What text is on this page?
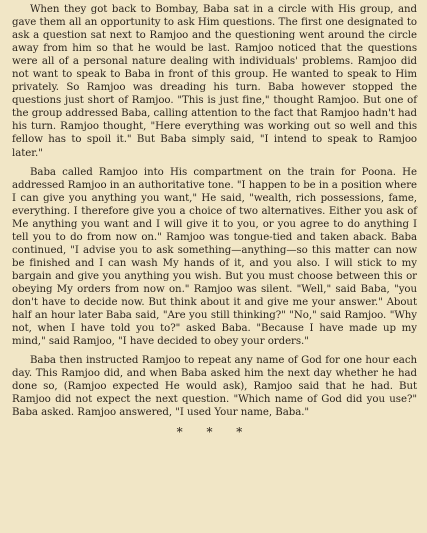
When they got back to Bombay, Baba sat in a circle with His group, and gave them all an opportunity to ask Him questions. The first one designated to ask a question sat next to Ramjoo and the questioning went around the circle away from him so that he would be last. Ramjoo noticed that the questions were all of a personal nature dealing with individuals' problems. Ramjoo did not want to speak to Baba in front of this group. He wanted to speak to Him privately. So Ramjoo was dreading his turn. Baba however stopped the questions just short of Ramjoo. "This is just fine," thought Ramjoo. But one of the group addressed Baba, calling attention to the fact that Ramjoo hadn't had his turn. Ramjoo thought, "Here everything was working out so well and this fellow has to spoil it." But Baba simply said, "I intend to speak to Ramjoo later."

Baba called Ramjoo into His compartment on the train for Poona. He addressed Ramjoo in an authoritative tone. "I happen to be in a position where I can give you anything you want," He said, "wealth, rich possessions, fame, everything. I therefore give you a choice of two alternatives. Either you ask of Me anything you want and I will give it to you, or you agree to do anything I tell you to do from now on." Ramjoo was tongue-tied and taken aback. Baba continued, "I advise you to ask something—anything—so this matter can now be finished and I can wash My hands of it, and you also. I will stick to my bargain and give you anything you wish. But you must choose between this or obeying My orders from now on." Ramjoo was silent. "Well," said Baba, "you don't have to decide now. But think about it and give me your answer." About half an hour later Baba said, "Are you still thinking?" "No," said Ramjoo. "Why not, when I have told you to?" asked Baba. "Because I have made up my mind," said Ramjoo, "I have decided to obey your orders."

Baba then instructed Ramjoo to repeat any name of God for one hour each day. This Ramjoo did, and when Baba asked him the next day whether he had done so, (Ramjoo expected He would ask), Ramjoo said that he had. But Ramjoo did not expect the next question. "Which name of God did you use?" Baba asked. Ramjoo answered, "I used Your name, Baba."

* * *
